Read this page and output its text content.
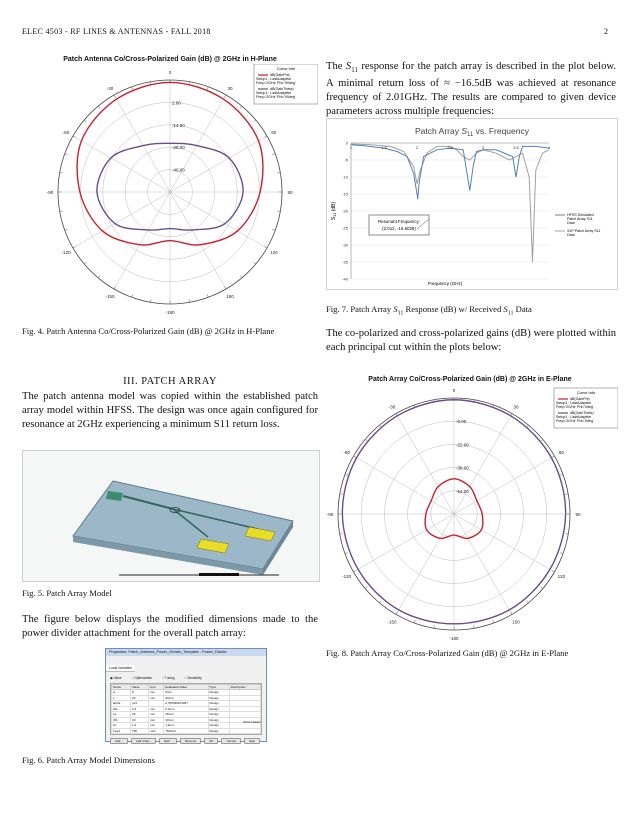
ELEC 4503 - RF LINES & ANTENNAS - FALL 2018	2
Patch Antenna Co/Cross-Polarized Gain (dB) @ 2GHz in H-Plane
0
30
60
90
120
150
-180
-150
-120
-90
-60
-30
2.00
-14.00
-28.00
-40.00
Curve Info
dB(GainPhi)
Setup1 : LastAdaptive
Freq='2GHz' Phi='90deg'
dB(GainTheta)
Setup1 : LastAdaptive
Freq='2GHz' Phi='90deg'
Fig. 4. Patch Antenna Co/Cross-Polarized Gain (dB) @ 2GHz in H-Plane
III. PATCH ARRAY
The patch antenna model was copied within the established patch array model within HFSS. The design was once again configured for resonance at 2GHz experiencing a minimum S11 return loss.
Fig. 5. Patch Array Model
The figure below displays the modified dimensions made to the power divider attachment for the overall patch array:
Properties: Patch_Antenna_Power_Divider_Template - Power_Divider
Local Variables
◉ Value	○ Optimization	○ Tuning	○ Sensitivity
Name	Value	Unit	Evaluated Value	Type	Description
w	8	mm	8mm	Design	
L	60	mm	60mm	Design	
alpha	pi/4		0.785398163397	Design	
Wa	0.3	mm	0.3mm	Design	
La	26	mm	26mm	Design	
Wb	30	mm	30mm	Design	
Lb	1.9	mm	1.9mm	Design	
Feed	750	ohm	750ohm	Design	
Add...	Add Array...	Edit...	Remove	OK	Cancel	Help
Show Hidden
Fig. 6. Patch Array Model Dimensions
The $S_{11}$ response for the patch array is described in the plot below. A minimal return loss of ≈ −16.5dB was achieved at resonance frequency of 2.01GHz. The results are compared to given device parameters across multiple frequencies:
Patch Array $S_{11}$ vs. Frequency
0
-5
-10
-15
-20
-25
-30
-35
-40
1	1.5	2	2.5	3	3.5	4
$S_{11}$ (dB)
Frequency (GHz)
Resonant Frequency:
(2.012, -16.5029)
HFSS Simulated Patch Array S11 Data
S1P Patch Array S11 Data
Fig. 7. Patch Array $S_{11}$ Response (dB) w/ Received $S_{11}$ Data
The co-polarized and cross-polarized gains (dB) were plotted within each principal cut within the plots below:
Patch Array Co/Cross-Polarized Gain (dB) @ 2GHz in E-Plane
0
30
60
90
120
150
-180
-150
-120
-90
-60
-30
-6.00
-22.00
-38.00
-54.00
Curve Info
dB(GainPhi)
Setup1 : LastAdaptive
Freq='2GHz' Phi='0deg'
dB(GainTheta)
Setup1 : LastAdaptive
Freq='2GHz' Phi='0deg'
Fig. 8. Patch Array Co/Cross-Polarized Gain (dB) @ 2GHz in E-Plane
